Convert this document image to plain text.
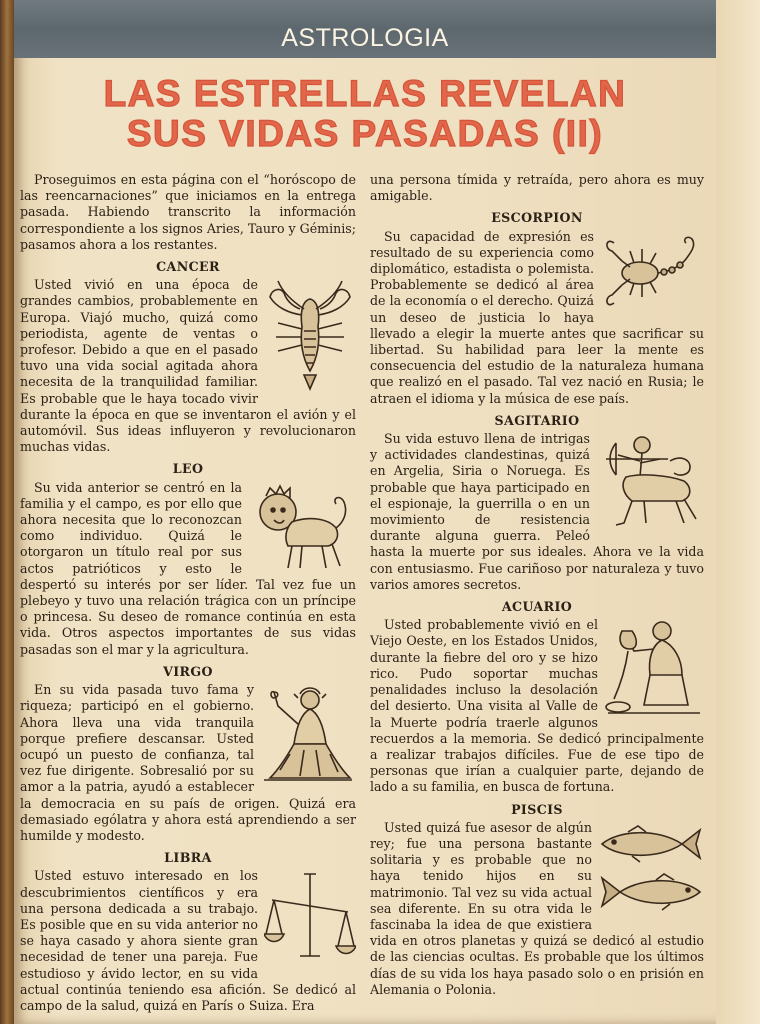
ASTROLOGIA
LAS ESTRELLAS REVELAN
SUS VIDAS PASADAS (II)

Proseguimos en esta página con el “horóscopo de las reencarnaciones” que iniciamos en la entrega pasada. Habiendo transcrito la información correspondiente a los signos Aries, Tauro y Géminis; pasamos ahora a los restantes.

CANCER

Usted vivió en una época de grandes cambios, probablemente en Europa. Viajó mucho, quizá como periodista, agente de ventas o profesor. Debido a que en el pasado tuvo una vida social agitada ahora necesita de la tranquilidad familiar. Es probable que le haya tocado vivir durante la época en que se inventaron el avión y el automóvil. Sus ideas influyeron y revolucionaron muchas vidas.

LEO

Su vida anterior se centró en la familia y el campo, es por ello que ahora necesita que lo reconozcan como individuo. Quizá le otorgaron un título real por sus actos patrióticos y esto le despertó su interés por ser líder. Tal vez fue un plebeyo y tuvo una relación trágica con un príncipe o princesa. Su deseo de romance continúa en esta vida. Otros aspectos importantes de sus vidas pasadas son el mar y la agricultura.

VIRGO

En su vida pasada tuvo fama y riqueza; participó en el gobierno. Ahora lleva una vida tranquila porque prefiere descansar. Usted ocupó un puesto de confianza, tal vez fue dirigente. Sobresalió por su amor a la patria, ayudó a establecer la democracia en su país de origen. Quizá era demasiado ególatra y ahora está aprendiendo a ser humilde y modesto.

LIBRA

Usted estuvo interesado en los descubrimientos científicos y era una persona dedicada a su trabajo. Es posible que en su vida anterior no se haya casado y ahora siente gran necesidad de tener una pareja. Fue estudioso y ávido lector, en su vida actual continúa teniendo esa afición. Se dedicó al campo de la salud, quizá en París o Suiza. Era

una persona tímida y retraída, pero ahora es muy amigable.

ESCORPION

Su capacidad de expresión es resultado de su experiencia como diplomático, estadista o polemista. Probablemente se dedicó al área de la economía o el derecho. Quizá un deseo de justicia lo haya llevado a elegir la muerte antes que sacrificar su libertad. Su habilidad para leer la mente es consecuencia del estudio de la naturaleza humana que realizó en el pasado. Tal vez nació en Rusia; le atraen el idioma y la música de ese país.

SAGITARIO

Su vida estuvo llena de intrigas y actividades clandestinas, quizá en Argelia, Siria o Noruega. Es probable que haya participado en el espionaje, la guerrilla o en un movimiento de resistencia durante alguna guerra. Peleó hasta la muerte por sus ideales. Ahora ve la vida con entusiasmo. Fue cariñoso por naturaleza y tuvo varios amores secretos.

ACUARIO

Usted probablemente vivió en el Viejo Oeste, en los Estados Unidos, durante la fiebre del oro y se hizo rico. Pudo soportar muchas penalidades incluso la desolación del desierto. Una visita al Valle de la Muerte podría traerle algunos recuerdos a la memoria. Se dedicó principalmente a realizar trabajos difíciles. Fue de ese tipo de personas que irían a cualquier parte, dejando de lado a su familia, en busca de fortuna.

PISCIS

Usted quizá fue asesor de algún rey; fue una persona bastante solitaria y es probable que no haya tenido hijos en su matrimonio. Tal vez su vida actual sea diferente. En su otra vida le fascinaba la idea de que existiera vida en otros planetas y quizá se dedicó al estudio de las ciencias ocultas. Es probable que los últimos días de su vida los haya pasado solo o en prisión en Alemania o Polonia.
